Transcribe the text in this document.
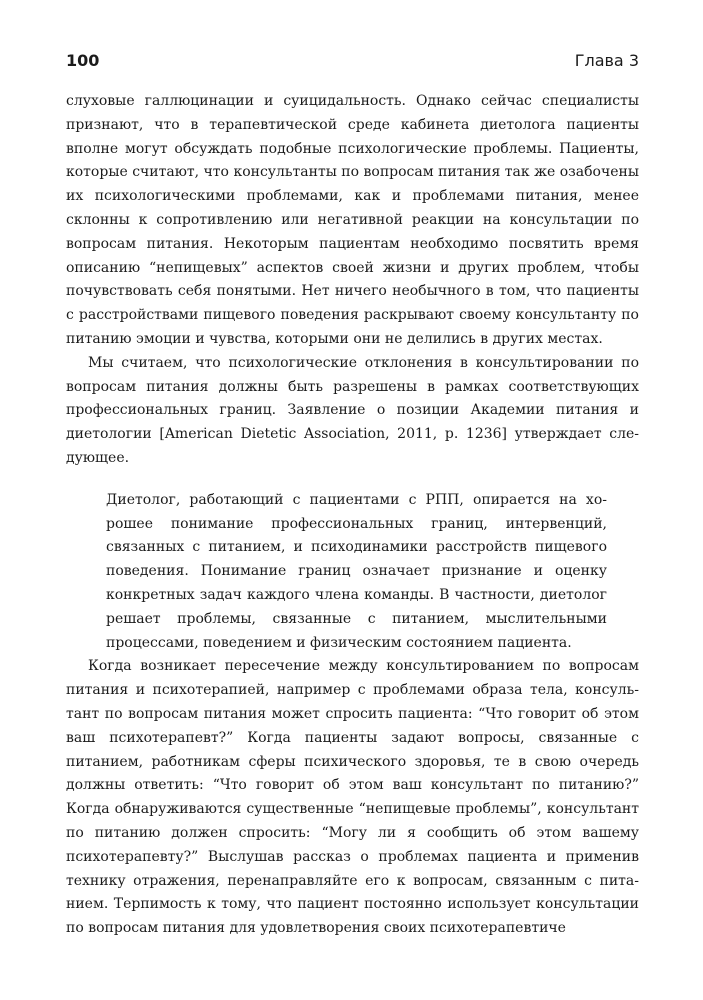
100	Глава 3

слуховые галлюцинации и суицидальность. Однако сейчас специалисты признают, что в терапевтической среде кабинета диетолога пациенты вполне могут обсуждать подобные психологические проблемы. Пациенты, которые считают, что консультанты по вопросам питания так же озабочены их психологическими проблемами, как и проблемами питания, менее склонны к сопротивлению или негативной реакции на консультации по вопросам питания. Некоторым пациентам необходимо посвятить время описанию “непищевых” аспектов своей жизни и других проблем, чтобы почувствовать себя понятыми. Нет ничего необычного в том, что пациенты с расстройствами пищевого поведения раскрывают своему консультанту по питанию эмоции и чувства, которыми они не делились в других местах.

Мы считаем, что психологические отклонения в консультировании по вопросам питания должны быть разрешены в рамках соответствующих профессиональных границ. Заявление о позиции Академии питания и диетологии [American Dietetic Association, 2011, p. 1236] утверждает следующее.

Диетолог, работающий с пациентами с РПП, опирается на хорошее понимание профессиональных границ, интервенций, связанных с питанием, и психодинамики расстройств пищевого поведения. Понимание границ означает признание и оценку конкретных задач каждого члена команды. В частности, диетолог решает проблемы, связанные с питанием, мыслительными процессами, поведением и физическим состоянием пациента.

Когда возникает пересечение между консультированием по вопросам питания и психотерапией, например с проблемами образа тела, консультант по вопросам питания может спросить пациента: “Что говорит об этом ваш психотерапевт?” Когда пациенты задают вопросы, связанные с питанием, работникам сферы психического здоровья, те в свою очередь должны ответить: “Что говорит об этом ваш консультант по питанию?” Когда обнаруживаются существенные “непищевые проблемы”, консультант по питанию должен спросить: “Могу ли я сообщить об этом вашему психотерапевту?” Выслушав рассказ о проблемах пациента и применив технику отражения, перенаправляйте его к вопросам, связанным с питанием. Терпимость к тому, что пациент постоянно использует консультации по вопросам питания для удовлетворения своих психотерапевтиче
